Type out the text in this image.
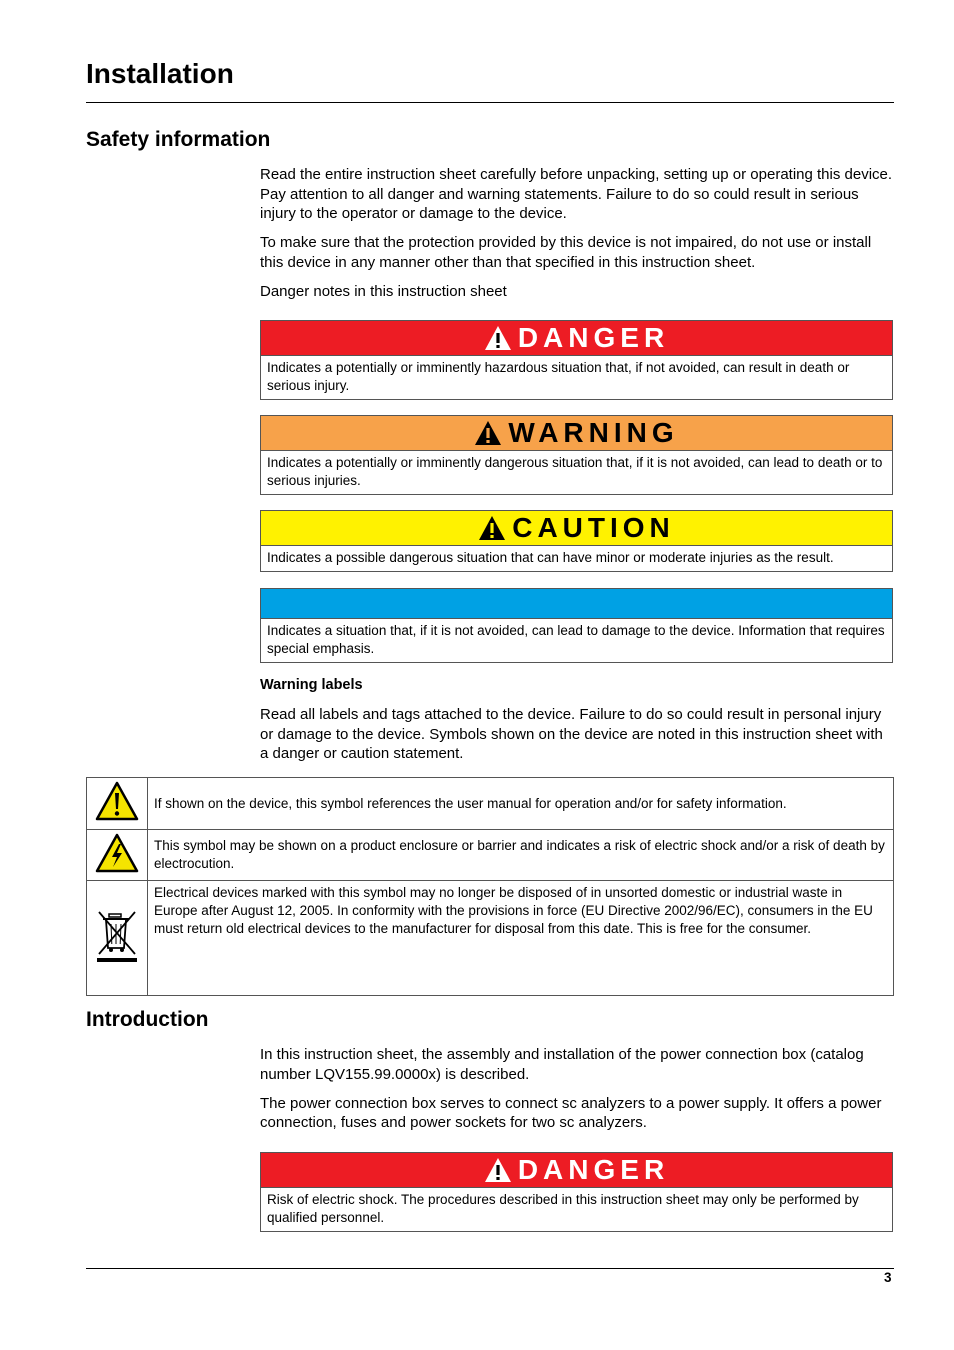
Installation
Safety information

Read the entire instruction sheet carefully before unpacking, setting up or operating this device. Pay attention to all danger and warning statements. Failure to do so could result in serious injury to the operator or damage to the device.

To make sure that the protection provided by this device is not impaired, do not use or install this device in any manner other than that specified in this instruction sheet.

Danger notes in this instruction sheet

DANGER
Indicates a potentially or imminently hazardous situation that, if not avoided, can result in death or serious injury.
WARNING
Indicates a potentially or imminently dangerous situation that, if it is not avoided, can lead to death or to serious injuries.
CAUTION
Indicates a possible dangerous situation that can have minor or moderate injuries as the result.
Indicates a situation that, if it is not avoided, can lead to damage to the device. Information that requires special emphasis.
Warning labels

Read all labels and tags attached to the device. Failure to do so could result in personal injury or damage to the device. Symbols shown on the device are noted in this instruction sheet with a danger or caution statement.

	If shown on the device, this symbol references the user manual for operation and/or for safety information.
	This symbol may be shown on a product enclosure or barrier and indicates a risk of electric shock and/or a risk of death by electrocution.
	Electrical devices marked with this symbol may no longer be disposed of in unsorted domestic or industrial waste in Europe after August 12, 2005. In conformity with the provisions in force (EU Directive 2002/96/EC), consumers in the EU must return old electrical devices to the manufacturer for disposal from this date. This is free for the consumer.
Introduction

In this instruction sheet, the assembly and installation of the power connection box (catalog number LQV155.99.0000x) is described.

The power connection box serves to connect sc analyzers to a power supply. It offers a power connection, fuses and power sockets for two sc analyzers.

DANGER
Risk of electric shock. The procedures described in this instruction sheet may only be performed by qualified personnel.
3
